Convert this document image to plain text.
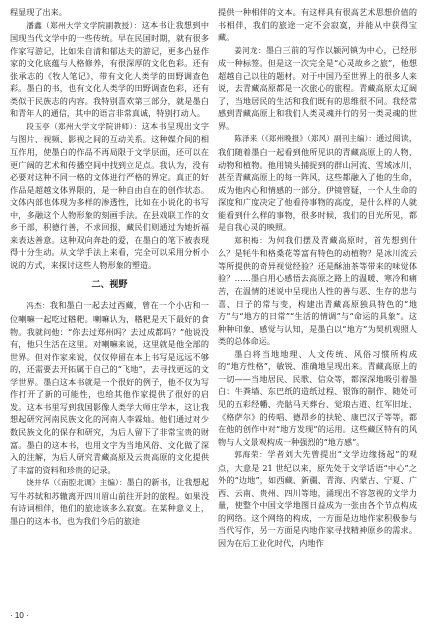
程显现了出来。

潘鑫（郑州大学文学院副教授）：这本书让我想到中国现当代文学中的一些传统。早在民国时期，就有很多作家写游记，比如朱自清和郁达夫的游记，更多凸显作家的文化底蕴与人格修养，有很深厚的文化色彩。还有张承志的《牧人笔记》，带有文化人类学的田野调查色彩。墨白的书，也有文化人类学的田野调查色彩，还有类似于民族志的内容。我特别喜欢第三部分，就是墨白和青年人的通信，其中的语言非常真诚，特别打动人。

段玉亭（郑州大学文学院讲师）：这本书呈现出文字与图片、视频、影视之间的互动关系。这种媒介间的相互作用，使墨白的作品不再局限于文学层面，还可以在更广阔的艺术和传播空间中找到立足点。我认为，没有必要对这种不同一格的文体进行严格的界定。真正的好作品是超越文体界限的，是一种自由自在的创作状态。文体内部也体现为多样的渗透性，比如在小说化的书写中，多融这个人物形象的刻画手法。在县戏联工作的女乡干部，积德行善，不求回报，藏民们则通过为她折福来表达善意。这种双向奔赴的爱，在墨白的笔下被表现得十分生动。从文学手法上来看，完全可以采用分析小说的方式，来探讨这些人物形象的塑造。

二、视野

冯杰：我和墨白一起去过西藏，曾在一个小店和一位喇嘛一起吃过糌粑。喇嘛认为，糌粑是天下最好的食物。我就问他：“你去过郑州吗？去过成都吗？”他说没有，他只生活在这里。对喇嘛来说，这里就是他全部的世界。但对作家来说，仅仅停留在本上书写是远远不够的，还需要去开拓属于自己的“飞地”，去寻找更远的文学世界。墨白这本书就是一个很好的例子，他不仅为写作打开了新的可能性，也给其他作家提供了很好的启发。这本书里写到我国影像人类学大师庄学本，这让我想起研究河南民族文化的河南人李霖灿。他们通过对少数民族文化的保存和研究，为后人留下了非常宝贵的财富。墨白的这本书，也用文字为当地风俗、文化做了深入的注解，为后人研究青藏高原及云贵高原的文化提供了丰富的资料和珍贵的记录。

饶井华（《南腔北调》主编）：墨白的新书，让我想起写牛苏轼和苏辙离开四川眉山前往开封的旅程。如果没有诗词相伴，他们的旅途该多么寂寞。在某种意义上，墨白的这本书，也为我们今后的旅途

提供一种相伴的文本。有这样具有很高艺术思想价值的书相伴，我们的旅途一定不会寂寞，并能从中获得宝藏。

姜河龙：墨白三前的写作以颍河镇为中心，已经形成一种标签。但是这一次完全是“心灵故乡之旅”，他想超越自己以往的题材。对于中国乃至世界上的很多人来说，去青藏高原都是一次旅心的旅程。青藏高原太辽阔了，当地居民的生活和我们既有的思维很不同。我经常感到青藏高原上和我们人类灵魂并行的另一类灵魂的世界。

陈泽来（《郑州晚报》（郑风）副刊主编）：通过阅读，我们随着墨白一起看到他所见识的青藏高原上的人物、动物和植物。他用镜头捕捉到的群山河流、雪域冰川，甚至青藏高原上的每一阵风，这些都融入了他的生命，成为他内心和情感的一部分。伊镜管疑，一个人生命的深度和广度决定了他看待事物的高度，是什么样的人就能看到什么样的事物，很多时候，我们的目光所见，都是自我心灵的映照。

郑积梅：为何我们摆及青藏高原时，首先想到什么？是牦牛和格桑花等富有特色的动植物？是冰川流云等所提供的奇异视觉经验？还是酥油茶等带来的味觉体验？……墨白用心感悟去高原之路上的温暖、寒冷和痛苦，在温情的述说中呈现出人性的善与恶、生存的悲与喜、日子的常与变，构建出青藏高原独具特色的“地方”与“地方的日常”“生活的情调”与“命运的具象”。这种种印象、感觉与认知，是墨白以“地方”为契机观照人类的总体命运。

墨白将当地地理、人文传统、风俗习惯所构成的“地方性格”，敏锐、准确地呈现出来。青藏高原上的一切——当地居民、民歌、信众等，都深深地吸引着墨白：牛粪墙、东巴纸的造纸过程、银饰的制作、随处可见的五彩经幡、壳骷马天葬台、觉琅古道、红军旧址、《格萨尔》的传唱、德昂乡的扶轮、康巴汉子等等，都在他的创作中对“地方发现”的运用。这些藏区特有的风物与人文景观构成一种强烈的“地方感”。

郭海荣：学者刘大先曾提出“文学边缘扬起”的观点，大意是 21 世纪以来，原先处于文学话语“中心”之外的“边地”，如西藏、新疆、青海、内蒙古、宁夏、广西、云南、贵州、四川等地，涌现出不容忽视的文学力量，使整个中国文学地图日益成为一张由各个节点构成的网络。这个网络的构成，一方面是边地作家积极参与当代写作，另一方面是内地作家寻找精神原乡的需求。因为在后工业化时代，内地作

· 10 ·
